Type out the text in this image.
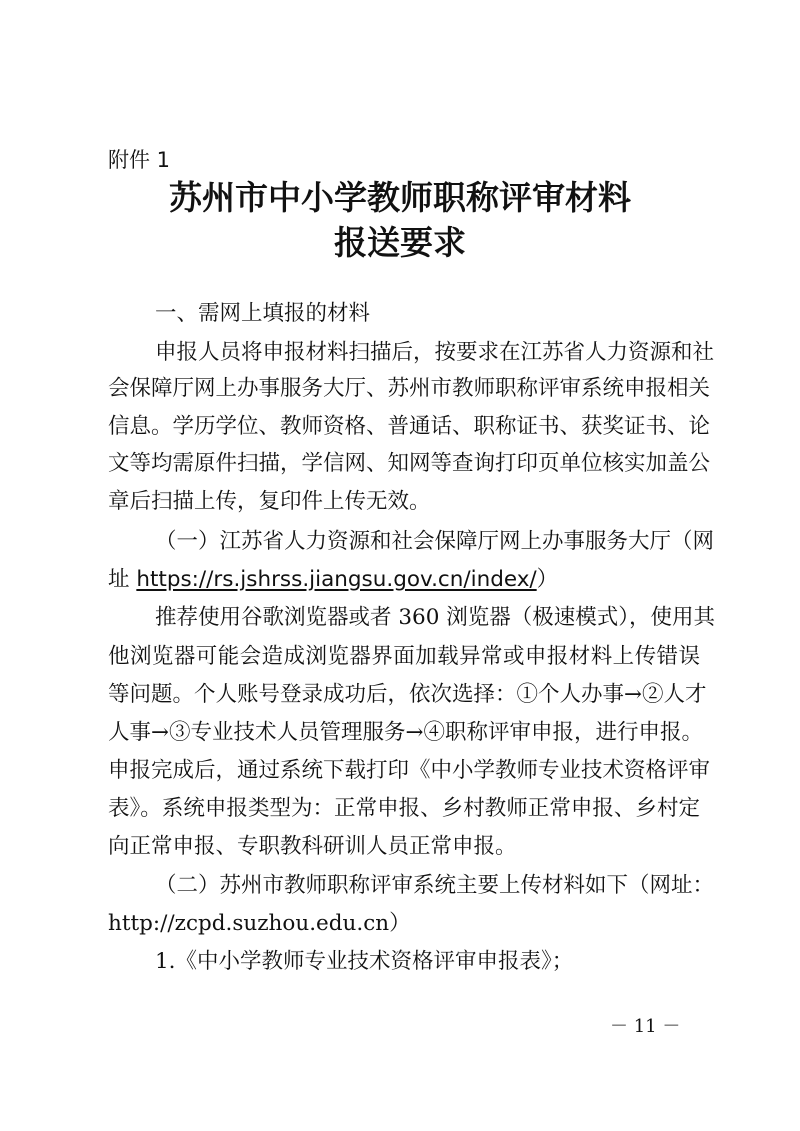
附件 1
苏州市中小学教师职称评审材料
报送要求
一、需网上填报的材料
申报人员将申报材料扫描后，按要求在江苏省人力资源和社
会保障厅网上办事服务大厅、苏州市教师职称评审系统申报相关
信息。学历学位、教师资格、普通话、职称证书、获奖证书、论
文等均需原件扫描，学信网、知网等查询打印页单位核实加盖公
章后扫描上传，复印件上传无效。
（一）江苏省人力资源和社会保障厅网上办事服务大厅（网
址 https://rs.jshrss.jiangsu.gov.cn/index/）
推荐使用谷歌浏览器或者 360 浏览器（极速模式），使用其
他浏览器可能会造成浏览器界面加载异常或申报材料上传错误
等问题。个人账号登录成功后，依次选择：①个人办事→②人才
人事→③专业技术人员管理服务→④职称评审申报，进行申报。
申报完成后，通过系统下载打印《中小学教师专业技术资格评审
表》。系统申报类型为：正常申报、乡村教师正常申报、乡村定
向正常申报、专职教科研训人员正常申报。
（二）苏州市教师职称评审系统主要上传材料如下（网址：
http://zcpd.suzhou.edu.cn）
1.《中小学教师专业技术资格评审申报表》；
－ 11 －
